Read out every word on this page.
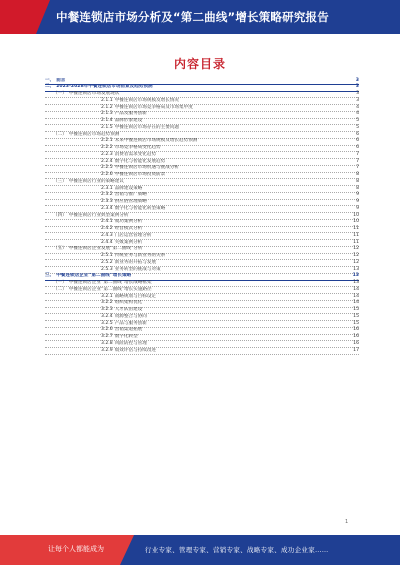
中餐连锁店市场分析及“第二曲线”增长策略研究报告
内容目录
一、 前言	3
二、 2023-2028年中餐连锁店市场前景及趋势预测	3
（一） 中餐连锁店市场发展现状	3
2.1.1 中餐连锁店市场规模及增长情况	3
2.1.2 中餐连锁店市场竞争格局及市场集中度	4
2.1.3 产品及服务创新	4
2.1.4 品牌形象建设	5
2.1.5 中餐连锁店市场存在的主要问题	5
（二） 中餐连锁店市场趋势预测	6
2.2.1 未来中餐连锁店市场规模及增长趋势预测	6
2.2.2 市场竞争格局变化趋势	6
2.2.3 消费者需求变化趋势	7
2.2.4 数字化与智能化发展趋势	7
2.2.5 中餐连锁店市场机遇与挑战分析	7
2.2.6 中餐连锁店市场投资前景	8
（三） 中餐连锁店行业的策略建议	8
2.3.1 品牌建设策略	8
2.3.2 营销与推广策略	9
2.3.3 供应链管理策略	9
2.3.4 数字化与智能化转型策略	9
（四） 中餐连锁店行业典型案例分析	10
2.4.1 成功案例分析	10
2.4.2 经营模式分析	11
2.4.3 门店运营管理分析	11
2.4.4 失败案例分析	11
（五） 中餐连锁店企业发展“第二曲线”分析	12
2.5.1 传统业务与新业务的关系	12
2.5.2 新业务的开拓与发展	12
2.5.3 业务转型的挑战与对策	13
三、 中餐连锁店企业“第二曲线”增长策略	13
（一） 中餐连锁店企业“第二曲线”增长战略框架	13
（二） 中餐连锁店企业“第二曲线”增长实施路径	14
3.2.1 战略规划与目标设定	14
3.2.2 组织架构优化	14
3.2.3 人才队伍建设	15
3.2.4 资源整合与协同	15
3.2.5 产品与服务创新	15
3.2.6 营销渠道拓展	16
3.2.7 数字化转型	16
3.2.8 风险防控与管理	16
3.2.9 绩效评估与持续改进	17
1
让每个人都能成为	行业专家、管理专家、营销专家、战略专家、成功企业家……
